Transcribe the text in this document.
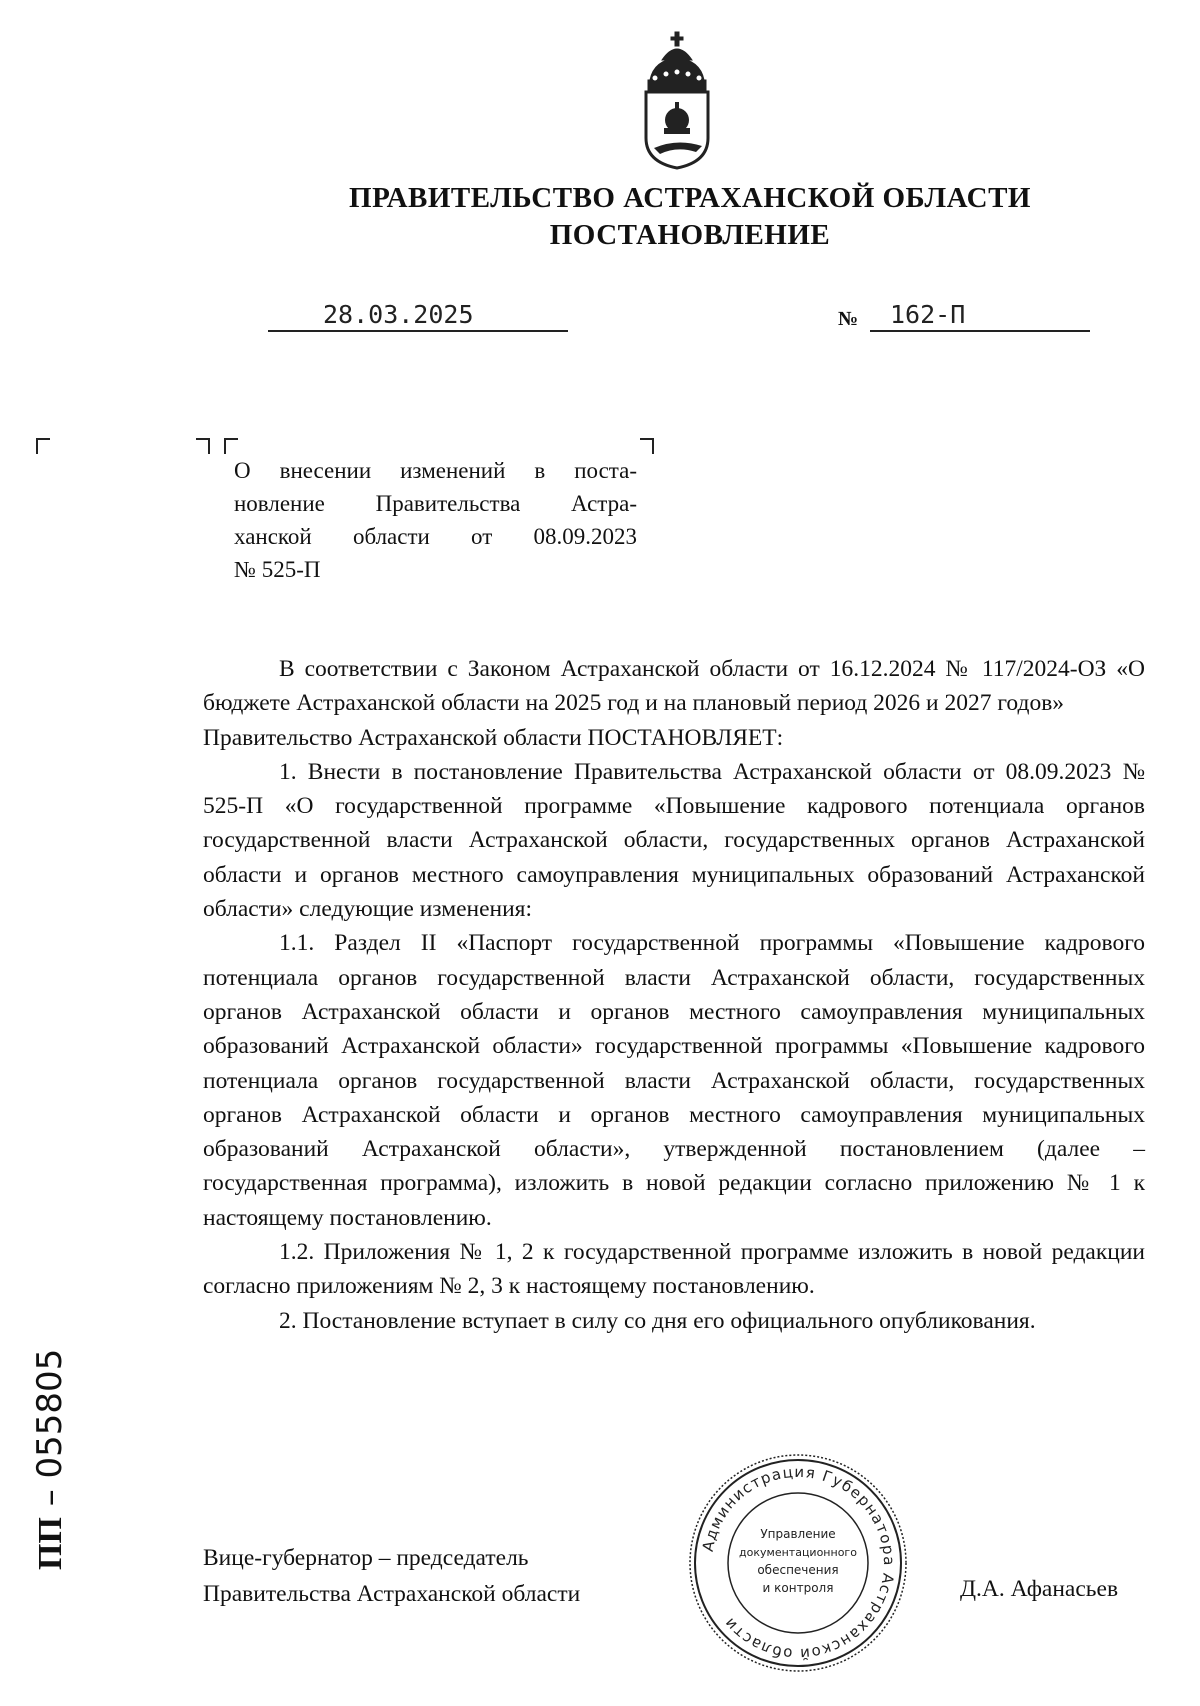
ПРАВИТЕЛЬСТВО АСТРАХАНСКОЙ ОБЛАСТИ
ПОСТАНОВЛЕНИЕ
28.03.2025	№	162-П
О внесении изменений в поста-
новление Правительства Астра-
ханской области от 08.09.2023
№ 525-П

В соответствии с Законом Астраханской области от 16.12.2024 № 117/2024-ОЗ «О бюджете Астраханской области на 2025 год и на плановый период 2026 и 2027 годов»

Правительство Астраханской области ПОСТАНОВЛЯЕТ:

1. Внести в постановление Правительства Астраханской области от 08.09.2023 № 525-П «О государственной программе «Повышение кадрового потенциала органов государственной власти Астраханской области, государственных органов Астраханской области и органов местного самоуправления муниципальных образований Астраханской области» следующие изменения:

1.1. Раздел II «Паспорт государственной программы «Повышение кадрового потенциала органов государственной власти Астраханской области, государственных органов Астраханской области и органов местного самоуправления муниципальных образований Астраханской области» государственной программы «Повышение кадрового потенциала органов государственной власти Астраханской области, государственных органов Астраханской области и органов местного самоуправления муниципальных образований Астраханской области», утвержденной постановлением (далее – государственная программа), изложить в новой редакции согласно приложению № 1 к настоящему постановлению.

1.2. Приложения № 1, 2 к государственной программе изложить в новой редакции согласно приложениям № 2, 3 к настоящему постановлению.

2. Постановление вступает в силу со дня его официального опубликования.

Вице-губернатор – председатель
Правительства Астраханской области
Администрация Губернатора Астраханской области
Управление
документационного
обеспечения
и контроля	Д.А. Афанасьев
ПП – 055805
